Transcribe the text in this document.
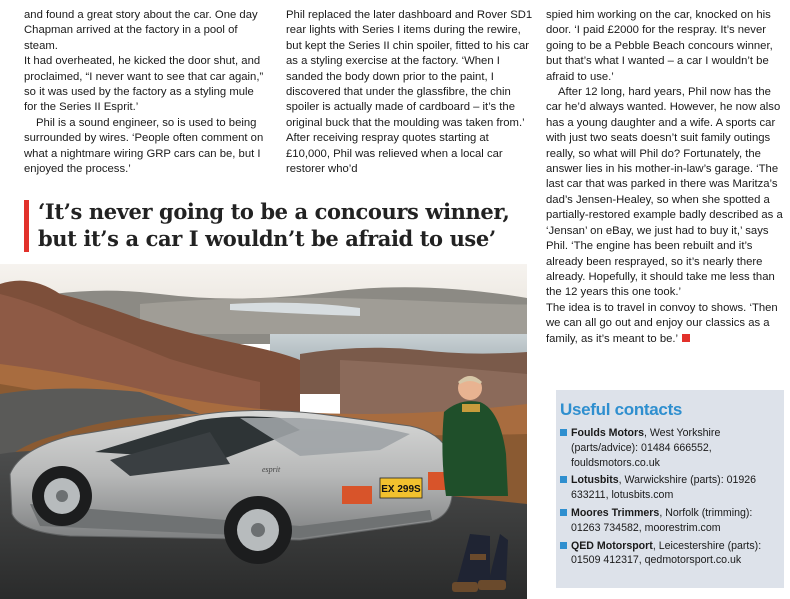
and found a great story about the car. One day Chapman arrived at the factory in a pool of steam.

It had overheated, he kicked the door shut, and proclaimed, “I never want to see that car again,” so it was used by the factory as a styling mule for the Series II Esprit.’

Phil is a sound engineer, so is used to being surrounded by wires. ‘People often comment on what a nightmare wiring GRP cars can be, but I enjoyed the process.’

Phil replaced the later dashboard and Rover SD1 rear lights with Series I items during the rewire, but kept the Series II chin spoiler, fitted to his car as a styling exercise at the factory. ‘When I sanded the body down prior to the paint, I discovered that under the glassfibre, the chin spoiler is actually made of cardboard – it’s the original buck that the moulding was taken from.’ After receiving respray quotes starting at £10,000, Phil was relieved when a local car restorer who’d

spied him working on the car, knocked on his door. ‘I paid £2000 for the respray. It’s never going to be a Pebble Beach concours winner, but that’s what I wanted – a car I wouldn’t be afraid to use.’

After 12 long, hard years, Phil now has the car he’d always wanted. However, he now also has a young daughter and a wife. A sports car with just two seats doesn’t suit family outings really, so what will Phil do? Fortunately, the answer lies in his mother-in-law’s garage. ‘The last car that was parked in there was Maritza’s dad’s Jensen-Healey, so when she spotted a partially-restored example badly described as a ‘Jensan’ on eBay, we just had to buy it,’ says Phil. ‘The engine has been rebuilt and it’s already been resprayed, so it’s nearly there already. Hopefully, it should take me less than the 12 years this one took.’

The idea is to travel in convoy to shows. ‘Then we can all go out and enjoy our classics as a family, as it’s meant to be.’

‘It’s never going to be a concours winner,
but it’s a car I wouldn’t be afraid to use’
EX 299S
esprit
Useful contacts
Foulds Motors, West Yorkshire (parts/advice): 01484 666552, fouldsmotors.co.uk
Lotusbits, Warwickshire (parts): 01926 633211, lotusbits.com
Moores Trimmers, Norfolk (trimming): 01263 734582, moorestrim.com
QED Motorsport, Leicestershire (parts): 01509 412317, qedmotorsport.co.uk
